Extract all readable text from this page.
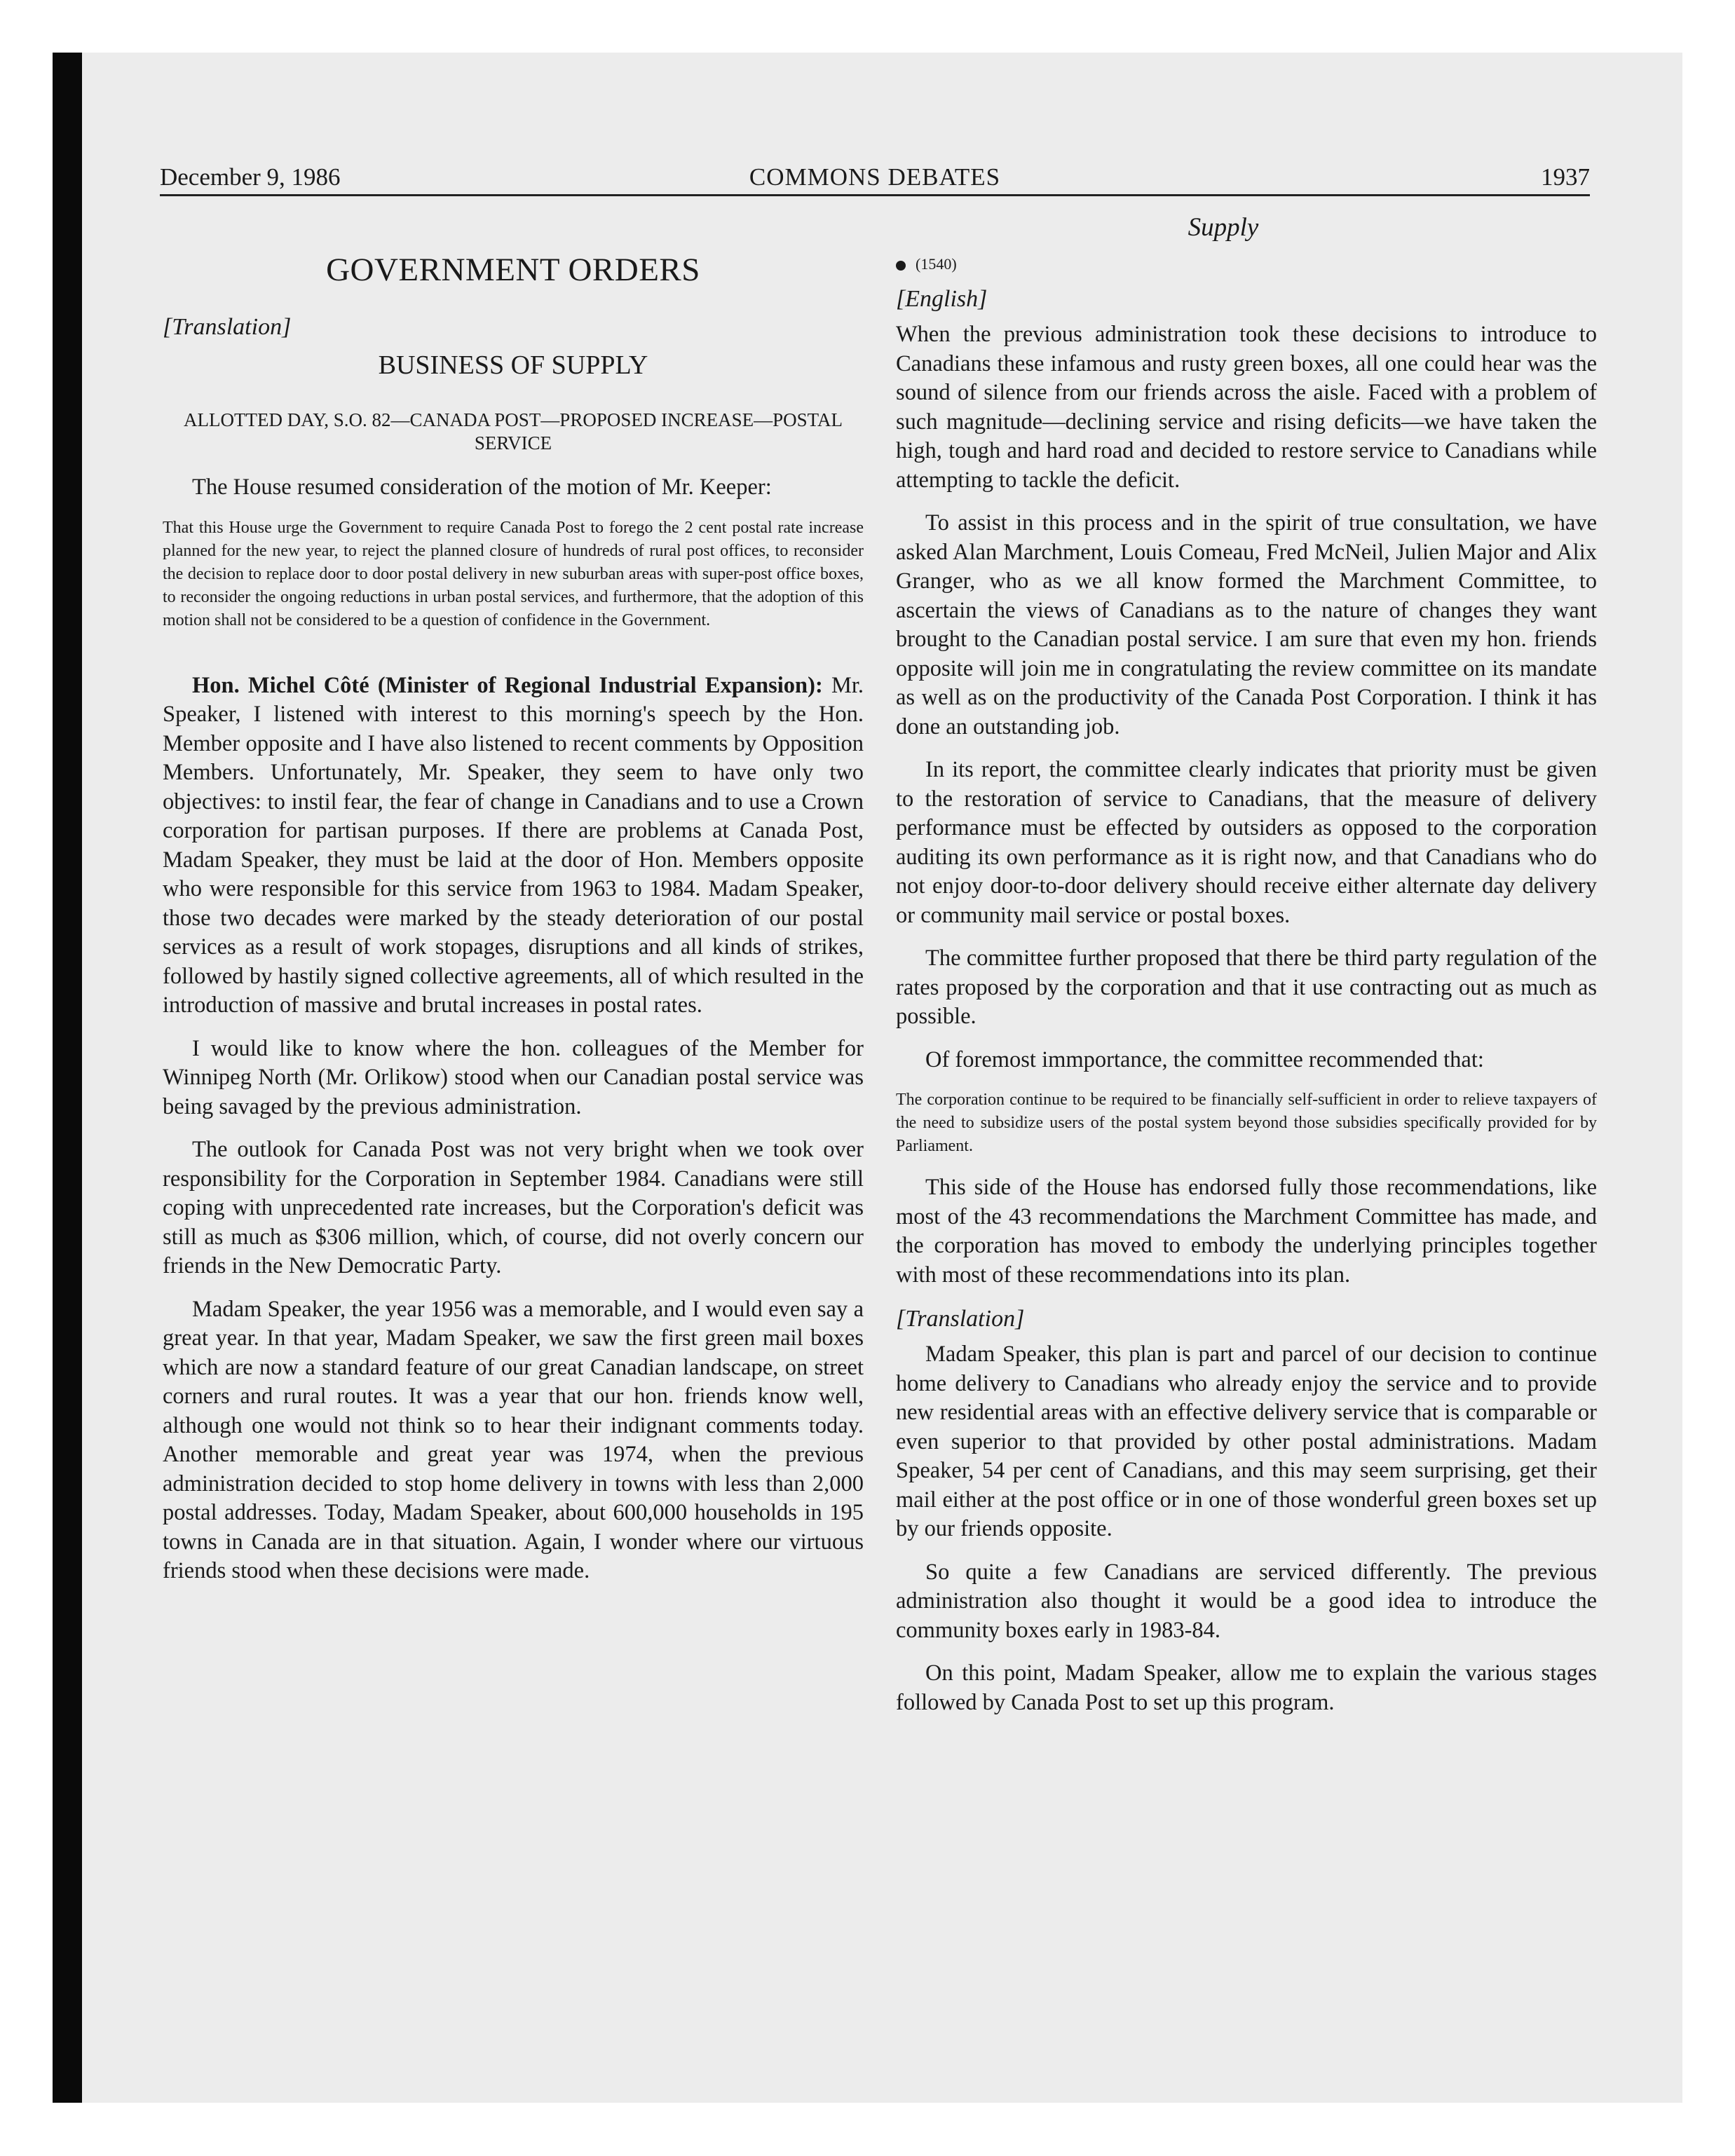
December 9, 1986	COMMONS DEBATES	1937
Supply
GOVERNMENT ORDERS
[Translation]
BUSINESS OF SUPPLY
ALLOTTED DAY, S.O. 82—CANADA POST—PROPOSED INCREASE—POSTAL SERVICE

The House resumed consideration of the motion of Mr. Keeper:

That this House urge the Government to require Canada Post to forego the 2 cent postal rate increase planned for the new year, to reject the planned closure of hundreds of rural post offices, to reconsider the decision to replace door to door postal delivery in new suburban areas with super-post office boxes, to reconsider the ongoing reductions in urban postal services, and furthermore, that the adoption of this motion shall not be considered to be a question of confidence in the Government.

Hon. Michel Côté (Minister of Regional Industrial Expansion): Mr. Speaker, I listened with interest to this morning's speech by the Hon. Member opposite and I have also listened to recent comments by Opposition Members. Unfortunately, Mr. Speaker, they seem to have only two objectives: to instil fear, the fear of change in Canadians and to use a Crown corporation for partisan purposes. If there are problems at Canada Post, Madam Speaker, they must be laid at the door of Hon. Members opposite who were responsible for this service from 1963 to 1984. Madam Speaker, those two decades were marked by the steady deterioration of our postal services as a result of work stopages, disruptions and all kinds of strikes, followed by hastily signed collective agreements, all of which resulted in the introduction of massive and brutal increases in postal rates.

I would like to know where the hon. colleagues of the Member for Winnipeg North (Mr. Orlikow) stood when our Canadian postal service was being savaged by the previous administration.

The outlook for Canada Post was not very bright when we took over responsibility for the Corporation in September 1984. Canadians were still coping with unprecedented rate increases, but the Corporation's deficit was still as much as $306 million, which, of course, did not overly concern our friends in the New Democratic Party.

Madam Speaker, the year 1956 was a memorable, and I would even say a great year. In that year, Madam Speaker, we saw the first green mail boxes which are now a standard feature of our great Canadian landscape, on street corners and rural routes. It was a year that our hon. friends know well, although one would not think so to hear their indignant comments today. Another memorable and great year was 1974, when the previous administration decided to stop home delivery in towns with less than 2,000 postal addresses. Today, Madam Speaker, about 600,000 households in 195 towns in Canada are in that situation. Again, I wonder where our virtuous friends stood when these decisions were made.

(1540)
[English]

When the previous administration took these decisions to introduce to Canadians these infamous and rusty green boxes, all one could hear was the sound of silence from our friends across the aisle. Faced with a problem of such magnitude—declining service and rising deficits—we have taken the high, tough and hard road and decided to restore service to Canadians while attempting to tackle the deficit.

To assist in this process and in the spirit of true consultation, we have asked Alan Marchment, Louis Comeau, Fred McNeil, Julien Major and Alix Granger, who as we all know formed the Marchment Committee, to ascertain the views of Canadians as to the nature of changes they want brought to the Canadian postal service. I am sure that even my hon. friends opposite will join me in congratulating the review committee on its mandate as well as on the productivity of the Canada Post Corporation. I think it has done an outstanding job.

In its report, the committee clearly indicates that priority must be given to the restoration of service to Canadians, that the measure of delivery performance must be effected by outsiders as opposed to the corporation auditing its own performance as it is right now, and that Canadians who do not enjoy door-to-door delivery should receive either alternate day delivery or community mail service or postal boxes.

The committee further proposed that there be third party regulation of the rates proposed by the corporation and that it use contracting out as much as possible.

Of foremost immportance, the committee recommended that:

The corporation continue to be required to be financially self-sufficient in order to relieve taxpayers of the need to subsidize users of the postal system beyond those subsidies specifically provided for by Parliament.

This side of the House has endorsed fully those recommendations, like most of the 43 recommendations the Marchment Committee has made, and the corporation has moved to embody the underlying principles together with most of these recommendations into its plan.

[Translation]

Madam Speaker, this plan is part and parcel of our decision to continue home delivery to Canadians who already enjoy the service and to provide new residential areas with an effective delivery service that is comparable or even superior to that provided by other postal administrations. Madam Speaker, 54 per cent of Canadians, and this may seem surprising, get their mail either at the post office or in one of those wonderful green boxes set up by our friends opposite.

So quite a few Canadians are serviced differently. The previous administration also thought it would be a good idea to introduce the community boxes early in 1983-84.

On this point, Madam Speaker, allow me to explain the various stages followed by Canada Post to set up this program.
